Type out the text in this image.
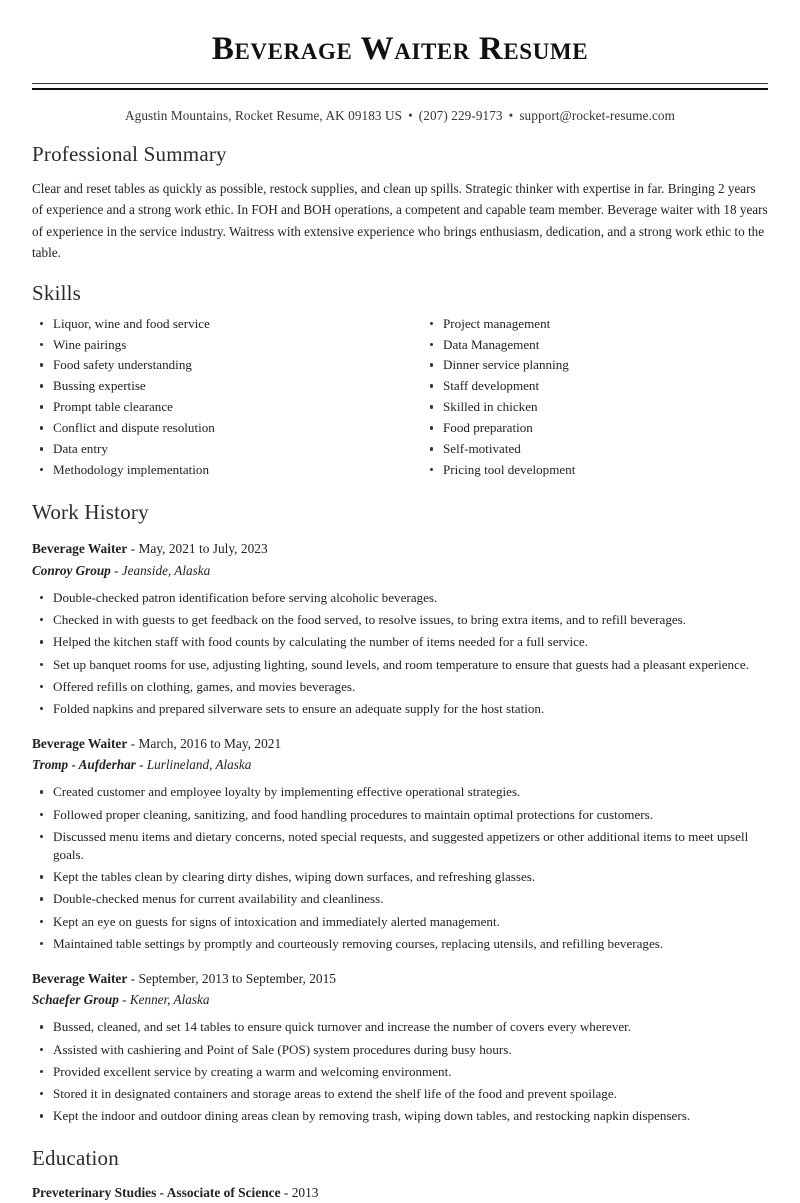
Beverage Waiter Resume
Agustin Mountains, Rocket Resume, AK 09183 US • (207) 229-9173 • support@rocket-resume.com
Professional Summary

Clear and reset tables as quickly as possible, restock supplies, and clean up spills. Strategic thinker with expertise in far. Bringing 2 years of experience and a strong work ethic. In FOH and BOH operations, a competent and capable team member. Beverage waiter with 18 years of experience in the service industry. Waitress with extensive experience who brings enthusiasm, dedication, and a strong work ethic to the table.

Skills
Liquor, wine and food service
Wine pairings
Food safety understanding
Bussing expertise
Prompt table clearance
Conflict and dispute resolution
Data entry
Methodology implementation
Project management
Data Management
Dinner service planning
Staff development
Skilled in chicken
Food preparation
Self-motivated
Pricing tool development
Work History
Beverage Waiter - May, 2021 to July, 2023
Conroy Group - Jeanside, Alaska
Double-checked patron identification before serving alcoholic beverages.
Checked in with guests to get feedback on the food served, to resolve issues, to bring extra items, and to refill beverages.
Helped the kitchen staff with food counts by calculating the number of items needed for a full service.
Set up banquet rooms for use, adjusting lighting, sound levels, and room temperature to ensure that guests had a pleasant experience.
Offered refills on clothing, games, and movies beverages.
Folded napkins and prepared silverware sets to ensure an adequate supply for the host station.
Beverage Waiter - March, 2016 to May, 2021
Tromp - Aufderhar - Lurlineland, Alaska
Created customer and employee loyalty by implementing effective operational strategies.
Followed proper cleaning, sanitizing, and food handling procedures to maintain optimal protections for customers.
Discussed menu items and dietary concerns, noted special requests, and suggested appetizers or other additional items to meet upsell goals.
Kept the tables clean by clearing dirty dishes, wiping down surfaces, and refreshing glasses.
Double-checked menus for current availability and cleanliness.
Kept an eye on guests for signs of intoxication and immediately alerted management.
Maintained table settings by promptly and courteously removing courses, replacing utensils, and refilling beverages.
Beverage Waiter - September, 2013 to September, 2015
Schaefer Group - Kenner, Alaska
Bussed, cleaned, and set 14 tables to ensure quick turnover and increase the number of covers every wherever.
Assisted with cashiering and Point of Sale (POS) system procedures during busy hours.
Provided excellent service by creating a warm and welcoming environment.
Stored it in designated containers and storage areas to extend the shelf life of the food and prevent spoilage.
Kept the indoor and outdoor dining areas clean by removing trash, wiping down tables, and restocking napkin dispensers.
Education
Preveterinary Studies - Associate of Science - 2013
